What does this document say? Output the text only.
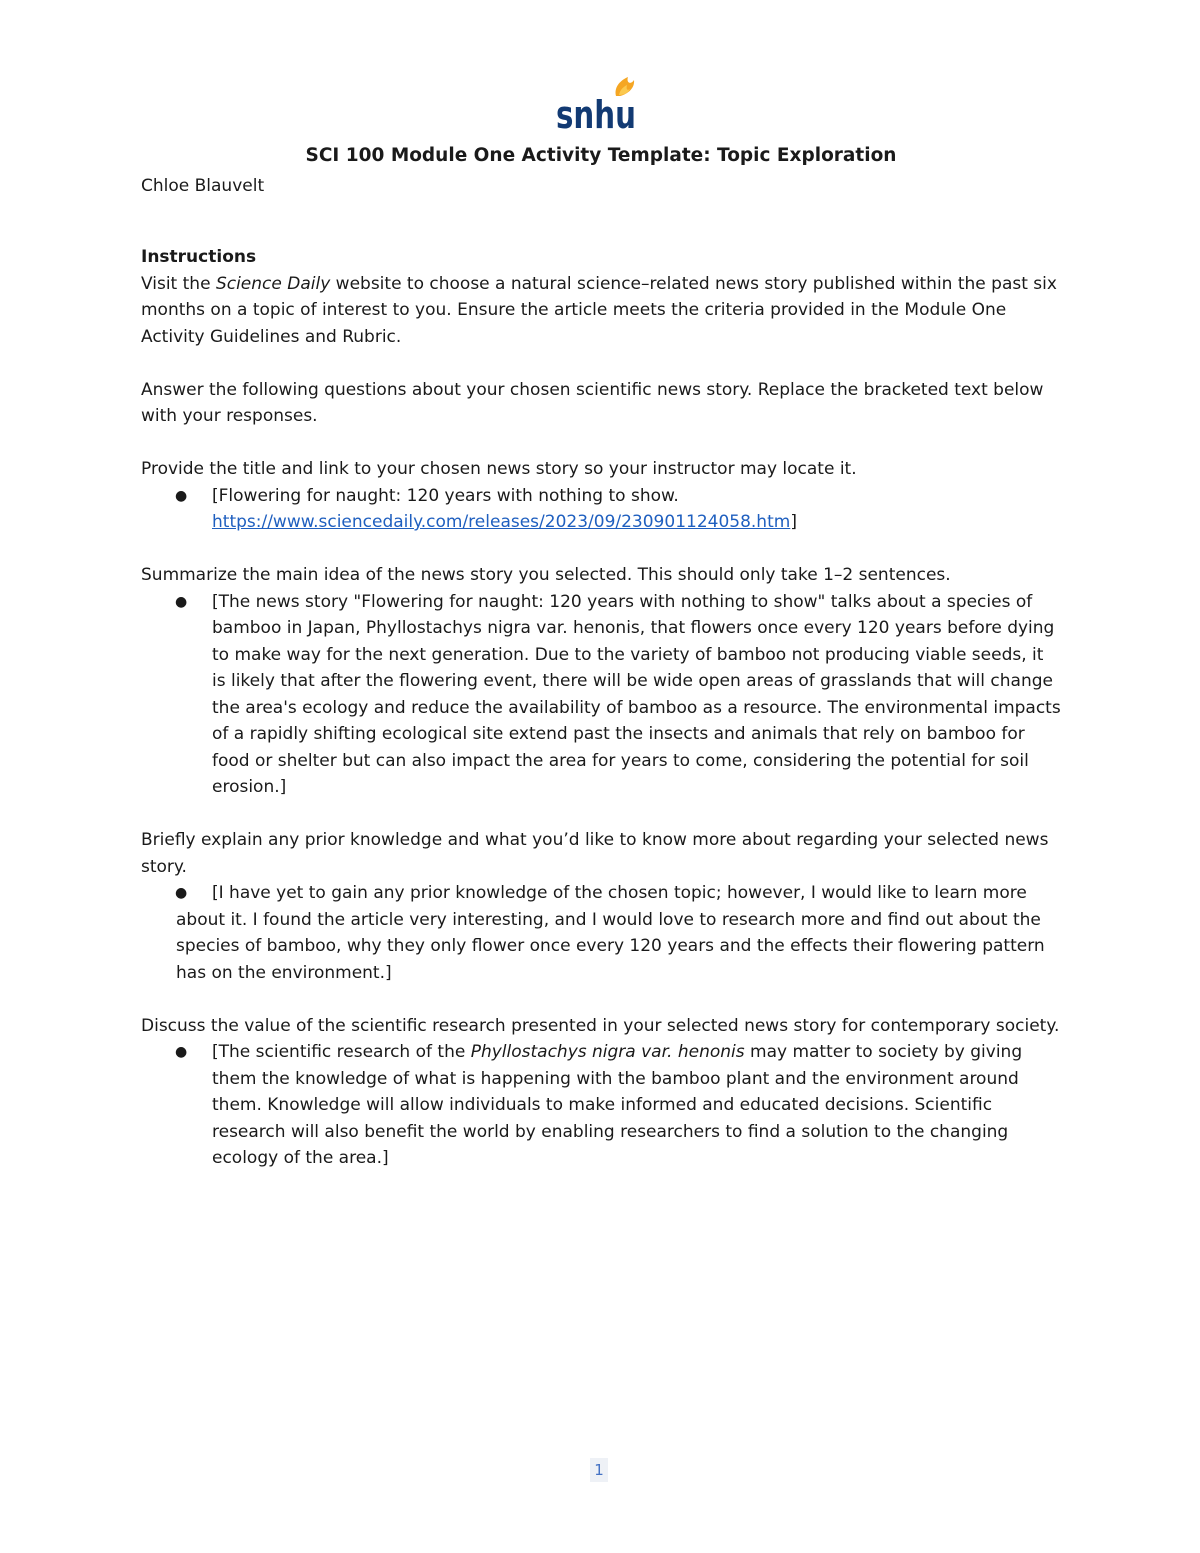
snhu

SCI 100 Module One Activity Template: Topic Exploration

Chloe Blauvelt

Instructions

Visit the Science Daily website to choose a natural science–related news story published within the past six months on a topic of interest to you. Ensure the article meets the criteria provided in the Module One Activity Guidelines and Rubric.

Answer the following questions about your chosen scientific news story. Replace the bracketed text below with your responses.

Provide the title and link to your chosen news story so your instructor may locate it.

● [Flowering for naught: 120 years with nothing to show.
https://www.sciencedaily.com/releases/2023/09/230901124058.htm]

Summarize the main idea of the news story you selected. This should only take 1–2 sentences.

● [The news story "Flowering for naught: 120 years with nothing to show" talks about a species of bamboo in Japan, Phyllostachys nigra var. henonis, that flowers once every 120 years before dying to make way for the next generation. Due to the variety of bamboo not producing viable seeds, it is likely that after the flowering event, there will be wide open areas of grasslands that will change the area's ecology and reduce the availability of bamboo as a resource. The environmental impacts of a rapidly shifting ecological site extend past the insects and animals that rely on bamboo for food or shelter but can also impact the area for years to come, considering the potential for soil erosion.]

Briefly explain any prior knowledge and what you’d like to know more about regarding your selected news story.

●	[I have yet to gain any prior knowledge of the chosen topic; however, I would like to learn more about it. I found the article very interesting, and I would love to research more and find out about the species of bamboo, why they only flower once every 120 years and the effects their flowering pattern has on the environment.]

Discuss the value of the scientific research presented in your selected news story for contemporary society.

● [The scientific research of the Phyllostachys nigra var. henonis may matter to society by giving them the knowledge of what is happening with the bamboo plant and the environment around them. Knowledge will allow individuals to make informed and educated decisions. Scientific research will also benefit the world by enabling researchers to find a solution to the changing ecology of the area.]
1
